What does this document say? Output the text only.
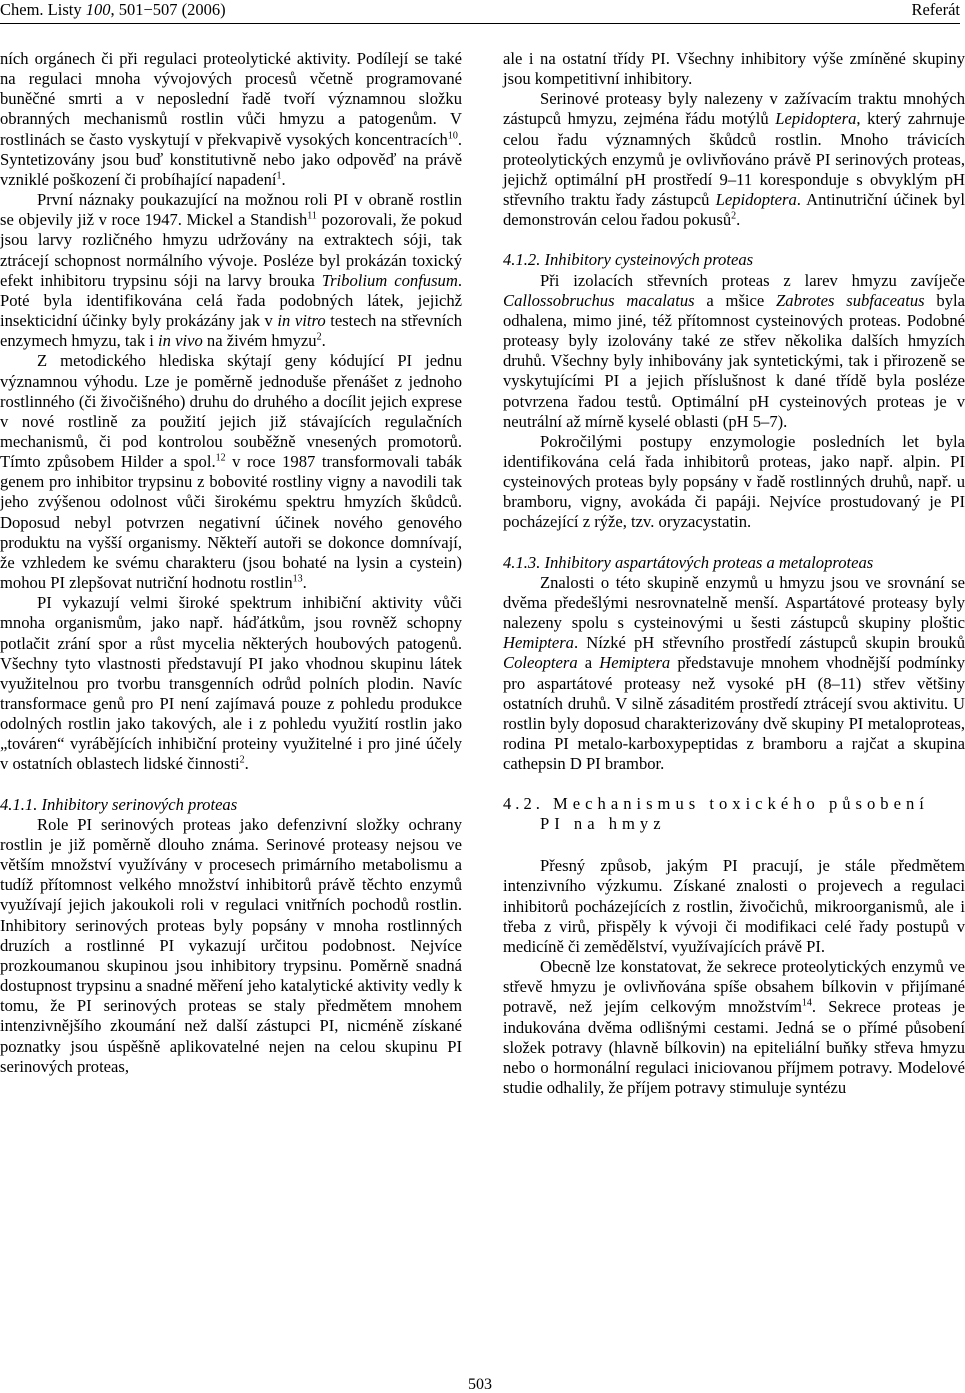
Chem. Listy 100, 501−507 (2006)	Referát

ních orgánech či při regulaci proteolytické aktivity. Podílejí se také na regulaci mnoha vývojových procesů včetně programované buněčné smrti a v neposlední řadě tvoří významnou složku obranných mechanismů rostlin vůči hmyzu a patogenům. V rostlinách se často vyskytují v překvapivě vysokých koncentracích$^{10}$. Syntetizovány jsou buď konstitutivně nebo jako odpověď na právě vzniklé poškození či probíhající napadení$^1$.

První náznaky poukazující na možnou roli PI v obraně rostlin se objevily již v roce 1947. Mickel a Standish$^{11}$ pozorovali, že pokud jsou larvy rozličného hmyzu udržovány na extraktech sóji, tak ztrácejí schopnost normálního vývoje. Posléze byl prokázán toxický efekt inhibitoru trypsinu sóji na larvy brouka Tribolium confusum. Poté byla identifikována celá řada podobných látek, jejichž insekticidní účinky byly prokázány jak v in vitro testech na střevních enzymech hmyzu, tak i in vivo na živém hmyzu$^2$.

Z metodického hlediska skýtají geny kódující PI jednu významnou výhodu. Lze je poměrně jednoduše přenášet z jednoho rostlinného (či živočišného) druhu do druhého a docílit jejich exprese v nové rostlině za použití jejich již stávajících regulačních mechanismů, či pod kontrolou souběžně vnesených promotorů. Tímto způsobem Hilder a spol.$^{12}$ v roce 1987 transformovali tabák genem pro inhibitor trypsinu z bobovité rostliny vigny a navodili tak jeho zvýšenou odolnost vůči širokému spektru hmyzích škůdců. Doposud nebyl potvrzen negativní účinek nového genového produktu na vyšší organismy. Někteří autoři se dokonce domnívají, že vzhledem ke svému charakteru (jsou bohaté na lysin a cystein) mohou PI zlepšovat nutriční hodnotu rostlin$^{13}$.

PI vykazují velmi široké spektrum inhibiční aktivity vůči mnoha organismům, jako např. háďátkům, jsou rovněž schopny potlačit zrání spor a růst mycelia některých houbových patogenů. Všechny tyto vlastnosti představují PI jako vhodnou skupinu látek využitelnou pro tvorbu transgenních odrůd polních plodin. Navíc transformace genů pro PI není zajímavá pouze z pohledu produkce odolných rostlin jako takových, ale i z pohledu využití rostlin jako „továren“ vyrábějících inhibiční proteiny využitelné i pro jiné účely v ostatních oblastech lidské činnosti$^2$.

4.1.1. Inhibitory serinových proteas

Role PI serinových proteas jako defenzivní složky ochrany rostlin je již poměrně dlouho známa. Serinové proteasy nejsou ve větším množství využívány v procesech primárního metabolismu a tudíž přítomnost velkého množství inhibitorů právě těchto enzymů využívají jejich jakoukoli roli v regulaci vnitřních pochodů rostlin. Inhibitory serinových proteas byly popsány v mnoha rostlinných druzích a rostlinné PI vykazují určitou podobnost. Nejvíce prozkoumanou skupinou jsou inhibitory trypsinu. Poměrně snadná dostupnost trypsinu a snadné měření jeho katalytické aktivity vedly k tomu, že PI serinových proteas se staly předmětem mnohem intenzivnějšího zkoumání než další zástupci PI, nicméně získané poznatky jsou úspěšně aplikovatelné nejen na celou skupinu PI serinových proteas,

ale i na ostatní třídy PI. Všechny inhibitory výše zmíněné skupiny jsou kompetitivní inhibitory.

Serinové proteasy byly nalezeny v zažívacím traktu mnohých zástupců hmyzu, zejména řádu motýlů Lepidoptera, který zahrnuje celou řadu významných škůdců rostlin. Mnoho trávicích proteolytických enzymů je ovlivňováno právě PI serinových proteas, jejichž optimální pH prostředí 9–11 koresponduje s obvyklým pH střevního traktu řady zástupců Lepidoptera. Antinutriční účinek byl demonstrován celou řadou pokusů$^2$.

4.1.2. Inhibitory cysteinových proteas

Při izolacích střevních proteas z larev hmyzu zavíječe Callossobruchus macalatus a mšice Zabrotes subfaceatus byla odhalena, mimo jiné, též přítomnost cysteinových proteas. Podobné proteasy byly izolovány také ze střev několika dalších hmyzích druhů. Všechny byly inhibovány jak syntetickými, tak i přirozeně se vyskytujícími PI a jejich příslušnost k dané třídě byla posléze potvrzena řadou testů. Optimální pH cysteinových proteas je v neutrální až mírně kyselé oblasti (pH 5–7).

Pokročilými postupy enzymologie posledních let byla identifikována celá řada inhibitorů proteas, jako např. alpin. PI cysteinových proteas byly popsány v řadě rostlinných druhů, např. u bramboru, vigny, avokáda či papáji. Nejvíce prostudovaný je PI pocházející z rýže, tzv. oryzacystatin.

4.1.3. Inhibitory aspartátových proteas a metaloproteas

Znalosti o této skupině enzymů u hmyzu jsou ve srovnání se dvěma předešlými nesrovnatelně menší. Aspartátové proteasy byly nalezeny spolu s cysteinovými u šesti zástupců skupiny ploštic Hemiptera. Nízké pH střevního prostředí zástupců skupin brouků Coleoptera a Hemiptera představuje mnohem vhodnější podmínky pro aspartátové proteasy než vysoké pH (8–11) střev většiny ostatních druhů. V silně zásaditém prostředí ztrácejí svou aktivitu. U rostlin byly doposud charakterizovány dvě skupiny PI metaloproteas, rodina PI metalo-karboxypeptidas z bramboru a rajčat a skupina cathepsin D PI brambor.

4.2. Mechanismus toxického působení
PI na hmyz

Přesný způsob, jakým PI pracují, je stále předmětem intenzivního výzkumu. Získané znalosti o projevech a regulaci inhibitorů pocházejících z rostlin, živočichů, mikroorganismů, ale i třeba z virů, přispěly k vývoji či modifikaci celé řady postupů v medicíně či zemědělství, využívajících právě PI.

Obecně lze konstatovat, že sekrece proteolytických enzymů ve střevě hmyzu je ovlivňována spíše obsahem bílkovin v přijímané potravě, než jejím celkovým množstvím$^{14}$. Sekrece proteas je indukována dvěma odlišnými cestami. Jedná se o přímé působení složek potravy (hlavně bílkovin) na epiteliální buňky střeva hmyzu nebo o hormonální regulaci iniciovanou příjmem potravy. Modelové studie odhalily, že příjem potravy stimuluje syntézu

503
